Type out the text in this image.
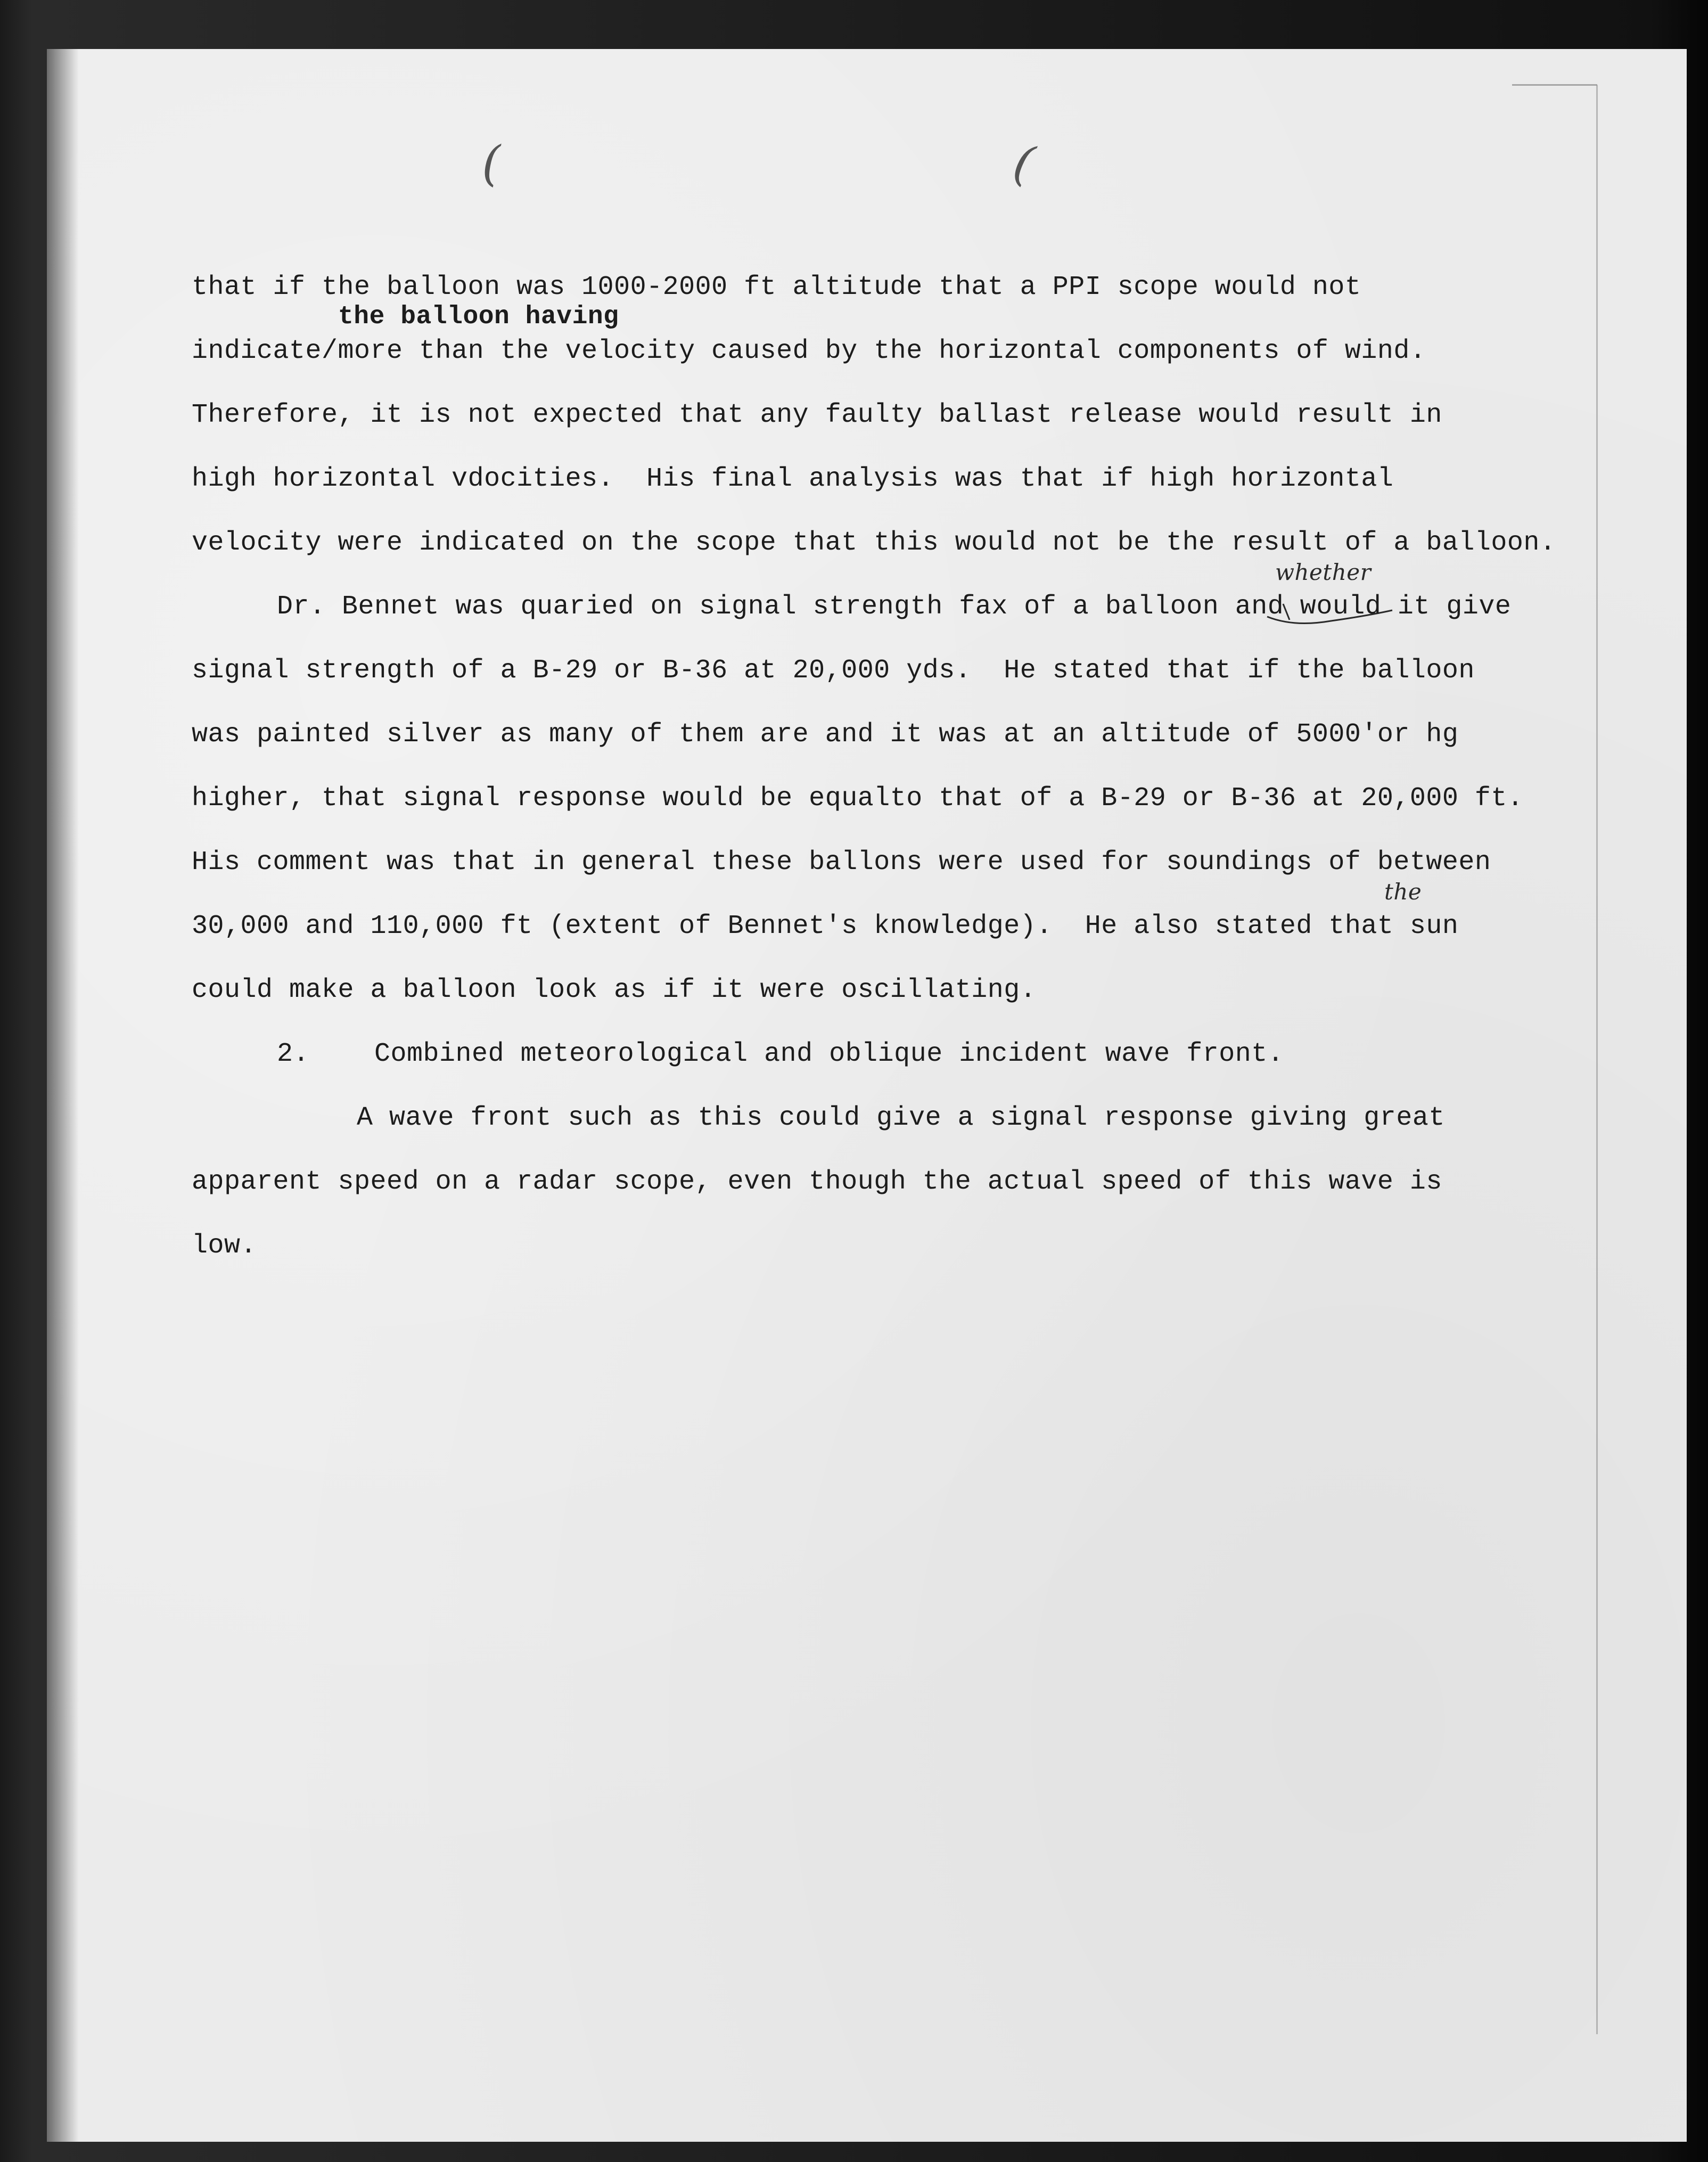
(	(
that if the balloon was 1000-2000 ft altitude that a PPI scope would not
the balloon having
indicate/more than the velocity caused by the horizontal components of wind.
Therefore, it is not expected that any faulty ballast release would result in
high horizontal vdocities.  His final analysis was that if high horizontal
velocity were indicated on the scope that this would not be the result of a balloon.
whether
Dr. Bennet was quaried on signal strength fax of a balloon and would it give
signal strength of a B-29 or B-36 at 20,000 yds.  He stated that if the balloon
was painted silver as many of them are and it was at an altitude of 5000'or hg
higher, that signal response would be equalto that of a B-29 or B-36 at 20,000 ft.
His comment was that in general these ballons were used for soundings of between
the
30,000 and 110,000 ft (extent of Bennet's knowledge).  He also stated that sun
could make a balloon look as if it were oscillating.
2.    Combined meteorological and oblique incident wave front.
A wave front such as this could give a signal response giving great
apparent speed on a radar scope, even though the actual speed of this wave is
low.
